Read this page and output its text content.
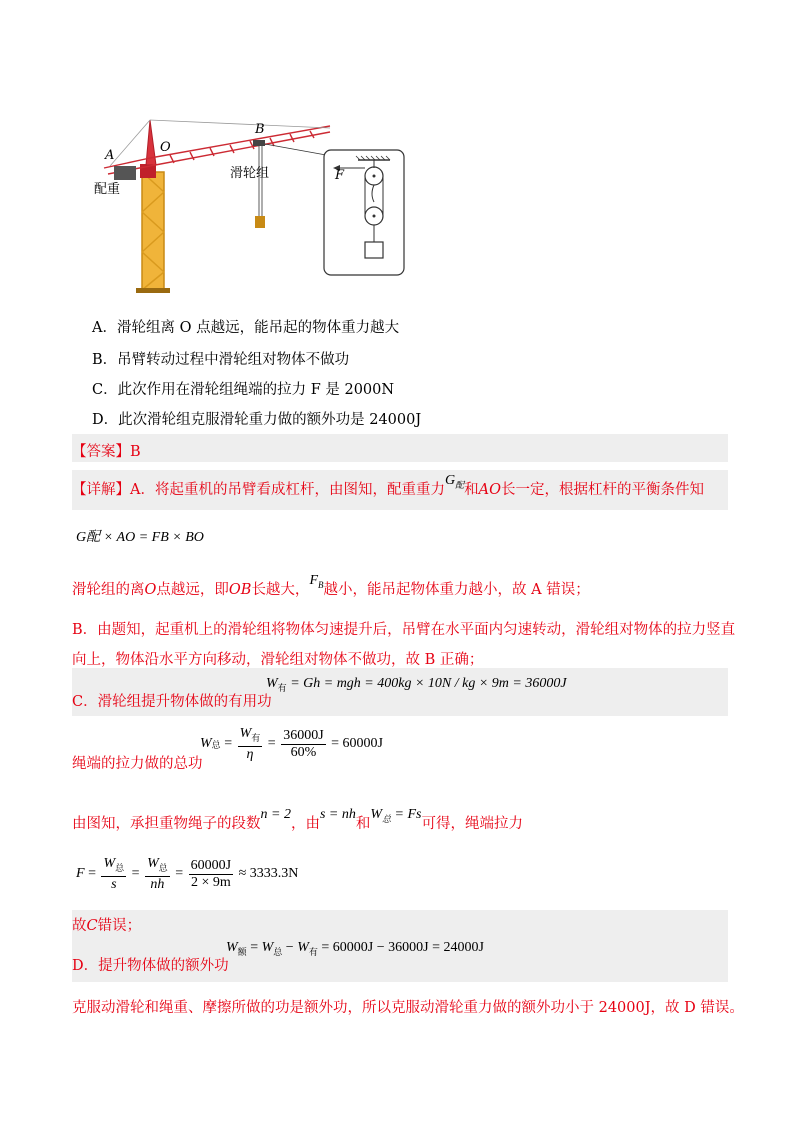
A
O
B
配重
滑轮组	F
A．滑轮组离 O 点越远，能吊起的物体重力越大
B．吊臂转动过程中滑轮组对物体不做功
C．此次作用在滑轮组绳端的拉力 F 是 2000N
D．此次滑轮组克服滑轮重力做的额外功是 24000J
【答案】B
【详解】A．将起重机的吊臂看成杠杆，由图知，配重重力$G_配$和AO长一定，根据杠杆的平衡条件知
G配 × AO = FB × BO
滑轮组的离O点越远，即OB长越大，$F_B$越小，能吊起物体重力越小，故 A 错误；
B．由题知，起重机上的滑轮组将物体匀速提升后，吊臂在水平面内匀速转动，滑轮组对物体的拉力竖直
向上，物体沿水平方向移动，滑轮组对物体不做功，故 B 正确；
C．滑轮组提升物体做的有用功
$W_有 = Gh$ = mgh = 400kg × 10N / kg × 9m = 36000J
绳端的拉力做的总功
W 总 = $\frac{W_有}{\eta} = \frac{36000J}{60\%}$
= 60000J
由图知，承担重物绳子的段数n = 2，由s = nh和$W_总 = Fs$可得，绳端拉力
$F = \frac{W_总}{s} = \frac{W_总}{nh} = \frac{60000J}{2 \times 9m}$
≈ 3333.3N
故C错误；
D．提升物体做的额外功
$W_额 = W_总 - W_有 = 60000J - 36000J = 24000J$
克服动滑轮和绳重、摩擦所做的功是额外功，所以克服动滑轮重力做的额外功小于 24000J，故 D 错误。
